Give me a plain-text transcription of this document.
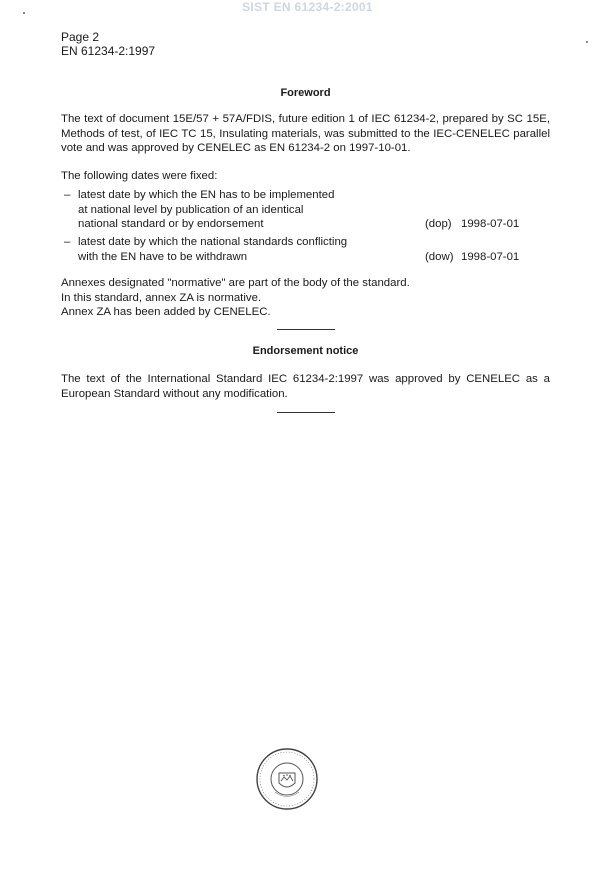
SIST EN 61234-2:2001
Page 2
EN 61234-2:1997
Foreword
The text of document 15E/57 + 57A/FDIS, future edition 1 of IEC 61234-2, prepared by SC 15E, Methods of test, of IEC TC 15, Insulating materials, was submitted to the IEC-CENELEC parallel vote and was approved by CENELEC as EN 61234-2 on 1997-10-01.
The following dates were fixed:
– latest date by which the EN has to be implemented
at national level by publication of an identical
national standard or by endorsement	(dop) 1998-07-01
– latest date by which the national standards conflicting
with the EN have to be withdrawn	(dow) 1998-07-01
Annexes designated "normative" are part of the body of the standard.
In this standard, annex ZA is normative.
Annex ZA has been added by CENELEC.
Endorsement notice
The text of the International Standard IEC 61234-2:1997 was approved by CENELEC as a European Standard without any modification.
